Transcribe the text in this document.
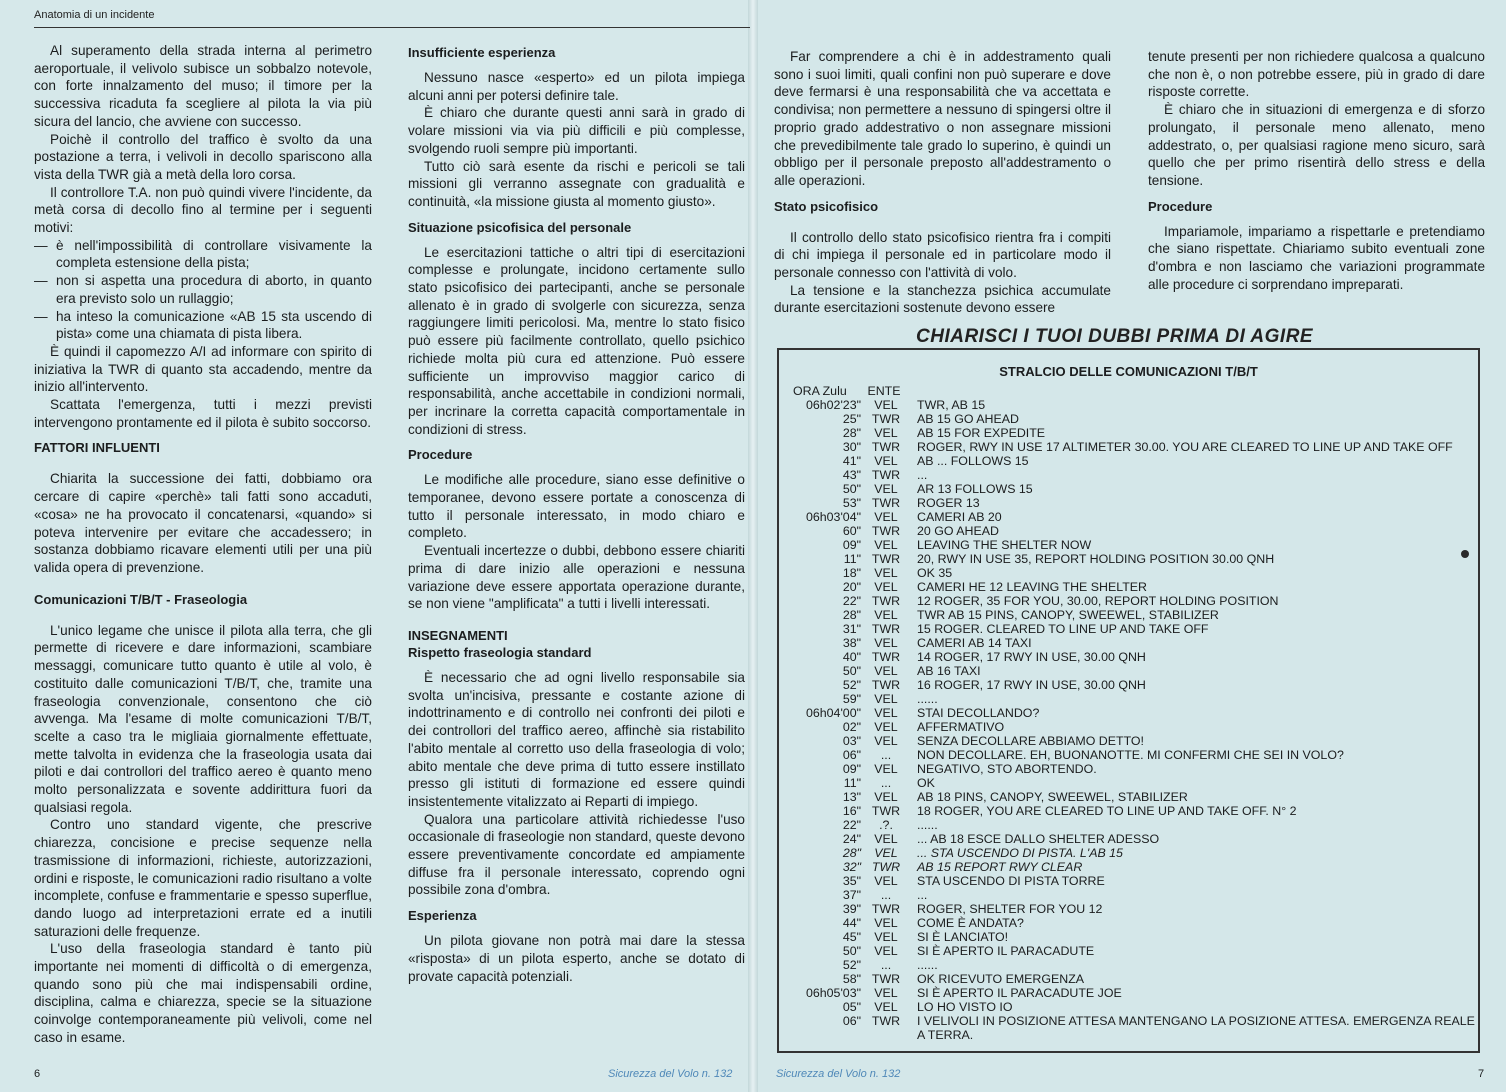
Anatomia di un incidente

Al superamento della strada interna al perimetro aeroportuale, il velivolo subisce un sobbalzo notevole, con forte innalzamento del muso; il timore per la successiva ricaduta fa scegliere al pilota la via più sicura del lancio, che avviene con successo.

Poichè il controllo del traffico è svolto da una postazione a terra, i velivoli in decollo spariscono alla vista della TWR già a metà della loro corsa.

Il controllore T.A. non può quindi vivere l'incidente, da metà corsa di decollo fino al termine per i seguenti motivi:

— è nell'impossibilità di controllare visivamente la completa estensione della pista;
— non si aspetta una procedura di aborto, in quanto era previsto solo un rullaggio;
— ha inteso la comunicazione «AB 15 sta uscendo di pista» come una chiamata di pista libera.

È quindi il capomezzo A/I ad informare con spirito di iniziativa la TWR di quanto sta accadendo, mentre da inizio all'intervento.

Scattata l'emergenza, tutti i mezzi previsti intervengono prontamente ed il pilota è subito soccorso.

FATTORI INFLUENTI

Chiarita la successione dei fatti, dobbiamo ora cercare di capire «perchè» tali fatti sono accaduti, «cosa» ne ha provocato il concatenarsi, «quando» si poteva intervenire per evitare che accadessero; in sostanza dobbiamo ricavare elementi utili per una più valida opera di prevenzione.

Comunicazioni T/B/T - Fraseologia

L'unico legame che unisce il pilota alla terra, che gli permette di ricevere e dare informazioni, scambiare messaggi, comunicare tutto quanto è utile al volo, è costituito dalle comunicazioni T/B/T, che, tramite una fraseologia convenzionale, consentono che ciò avvenga. Ma l'esame di molte comunicazioni T/B/T, scelte a caso tra le migliaia giornalmente effettuate, mette talvolta in evidenza che la fraseologia usata dai piloti e dai controllori del traffico aereo è quanto meno molto personalizzata e sovente addirittura fuori da qualsiasi regola.

Contro uno standard vigente, che prescrive chiarezza, concisione e precise sequenze nella trasmissione di informazioni, richieste, autorizzazioni, ordini e risposte, le comunicazioni radio risultano a volte incomplete, confuse e frammentarie e spesso superflue, dando luogo ad interpretazioni errate ed a inutili saturazioni delle frequenze.

L'uso della fraseologia standard è tanto più importante nei momenti di difficoltà o di emergenza, quando sono più che mai indispensabili ordine, disciplina, calma e chiarezza, specie se la situazione coinvolge contemporaneamente più velivoli, come nel caso in esame.

Insufficiente esperienza

Nessuno nasce «esperto» ed un pilota impiega alcuni anni per potersi definire tale.

È chiaro che durante questi anni sarà in grado di volare missioni via via più difficili e più complesse, svolgendo ruoli sempre più importanti.

Tutto ciò sarà esente da rischi e pericoli se tali missioni gli verranno assegnate con gradualità e continuità, «la missione giusta al momento giusto».

Situazione psicofisica del personale

Le esercitazioni tattiche o altri tipi di esercitazioni complesse e prolungate, incidono certamente sullo stato psicofisico dei partecipanti, anche se personale allenato è in grado di svolgerle con sicurezza, senza raggiungere limiti pericolosi. Ma, mentre lo stato fisico può essere più facilmente controllato, quello psichico richiede molta più cura ed attenzione. Può essere sufficiente un improvviso maggior carico di responsabilità, anche accettabile in condizioni normali, per incrinare la corretta capacità comportamentale in condizioni di stress.

Procedure

Le modifiche alle procedure, siano esse definitive o temporanee, devono essere portate a conoscenza di tutto il personale interessato, in modo chiaro e completo.

Eventuali incertezze o dubbi, debbono essere chiariti prima di dare inizio alle operazioni e nessuna variazione deve essere apportata operazione durante, se non viene "amplificata" a tutti i livelli interessati.

INSEGNAMENTI
Rispetto fraseologia standard

È necessario che ad ogni livello responsabile sia svolta un'incisiva, pressante e costante azione di indottrinamento e di controllo nei confronti dei piloti e dei controllori del traffico aereo, affinchè sia ristabilito l'abito mentale al corretto uso della fraseologia di volo; abito mentale che deve prima di tutto essere instillato presso gli istituti di formazione ed essere quindi insistentemente vitalizzato ai Reparti di impiego.

Qualora una particolare attività richiedesse l'uso occasionale di fraseologie non standard, queste devono essere preventivamente concordate ed ampiamente diffuse fra il personale interessato, coprendo ogni possibile zona d'ombra.

Esperienza

Un pilota giovane non potrà mai dare la stessa «risposta» di un pilota esperto, anche se dotato di provate capacità potenziali.

Far comprendere a chi è in addestramento quali sono i suoi limiti, quali confini non può superare e dove deve fermarsi è una responsabilità che va accettata e condivisa; non permettere a nessuno di spingersi oltre il proprio grado addestrativo o non assegnare missioni che prevedibilmente tale grado lo superino, è quindi un obbligo per il personale preposto all'addestramento o alle operazioni.

Stato psicofisico

Il controllo dello stato psicofisico rientra fra i compiti di chi impiega il personale ed in particolare modo il personale connesso con l'attività di volo.

La tensione e la stanchezza psichica accumulate durante esercitazioni sostenute devono essere

tenute presenti per non richiedere qualcosa a qualcuno che non è, o non potrebbe essere, più in grado di dare risposte corrette.

È chiaro che in situazioni di emergenza e di sforzo prolungato, il personale meno allenato, meno addestrato, o, per qualsiasi ragione meno sicuro, sarà quello che per primo risentirà dello stress e della tensione.

Procedure

Impariamole, impariamo a rispettarle e pretendiamo che siano rispettate. Chiariamo subito eventuali zone d'ombra e non lasciamo che variazioni programmate alle procedure ci sorprendano impreparati.

CHIARISCI I TUOI DUBBI PRIMA DI AGIRE
STRALCIO DELLE COMUNICAZIONI T/B/T
ORA Zulu	ENTE
06h02'23"	VEL	TWR, AB 15
25" TWR	AB 15 GO AHEAD
28"	VEL	AB 15 FOR EXPEDITE
30" TWR	ROGER, RWY IN USE 17 ALTIMETER 30.00. YOU ARE CLEARED TO LINE UP AND TAKE OFF
41"	VEL	AB ... FOLLOWS 15
43" TWR	...
50"	VEL	AR 13 FOLLOWS 15
53" TWR	ROGER 13
06h03'04"	VEL	CAMERI AB 20
60" TWR	20 GO AHEAD
09"	VEL	LEAVING THE SHELTER NOW
11" TWR	20, RWY IN USE 35, REPORT HOLDING POSITION 30.00 QNH
18"	VEL	OK 35
20"	VEL	CAMERI HE 12 LEAVING THE SHELTER
22" TWR	12 ROGER, 35 FOR YOU, 30.00, REPORT HOLDING POSITION
28"	VEL	TWR AB 15 PINS, CANOPY, SWEEWEL, STABILIZER
31" TWR	15 ROGER. CLEARED TO LINE UP AND TAKE OFF
38"	VEL	CAMERI AB 14 TAXI
40" TWR	14 ROGER, 17 RWY IN USE, 30.00 QNH
50"	VEL	AB 16 TAXI
52" TWR	16 ROGER, 17 RWY IN USE, 30.00 QNH
59"	VEL	......
06h04'00"	VEL	STAI DECOLLANDO?
02"	VEL	AFFERMATIVO
03"	VEL	SENZA DECOLLARE ABBIAMO DETTO!
06"	...	NON DECOLLARE. EH, BUONANOTTE. MI CONFERMI CHE SEI IN VOLO?
09"	VEL	NEGATIVO, STO ABORTENDO.
11"	...	OK
13"	VEL	AB 18 PINS, CANOPY, SWEEWEL, STABILIZER
16" TWR	18 ROGER, YOU ARE CLEARED TO LINE UP AND TAKE OFF. N° 2
22"	.?.	......
24"	VEL	... AB 18 ESCE DALLO SHELTER ADESSO
28"	VEL	... STA USCENDO DI PISTA. L'AB 15
32" TWR	AB 15 REPORT RWY CLEAR
35"	VEL	STA USCENDO DI PISTA TORRE
37"	...	...
39" TWR	ROGER, SHELTER FOR YOU 12
44"	VEL	COME È ANDATA?
45"	VEL	SI È LANCIATO!
50"	VEL	SI È APERTO IL PARACADUTE
52"	...	......
58" TWR	OK RICEVUTO EMERGENZA
06h05'03"	VEL	SI È APERTO IL PARACADUTE JOE
05"	VEL	LO HO VISTO IO
06" TWR	I VELIVOLI IN POSIZIONE ATTESA MANTENGANO LA POSIZIONE ATTESA. EMERGENZA REALE A TERRA.
6	Sicurezza del Volo n. 132	Sicurezza del Volo n. 132	7
